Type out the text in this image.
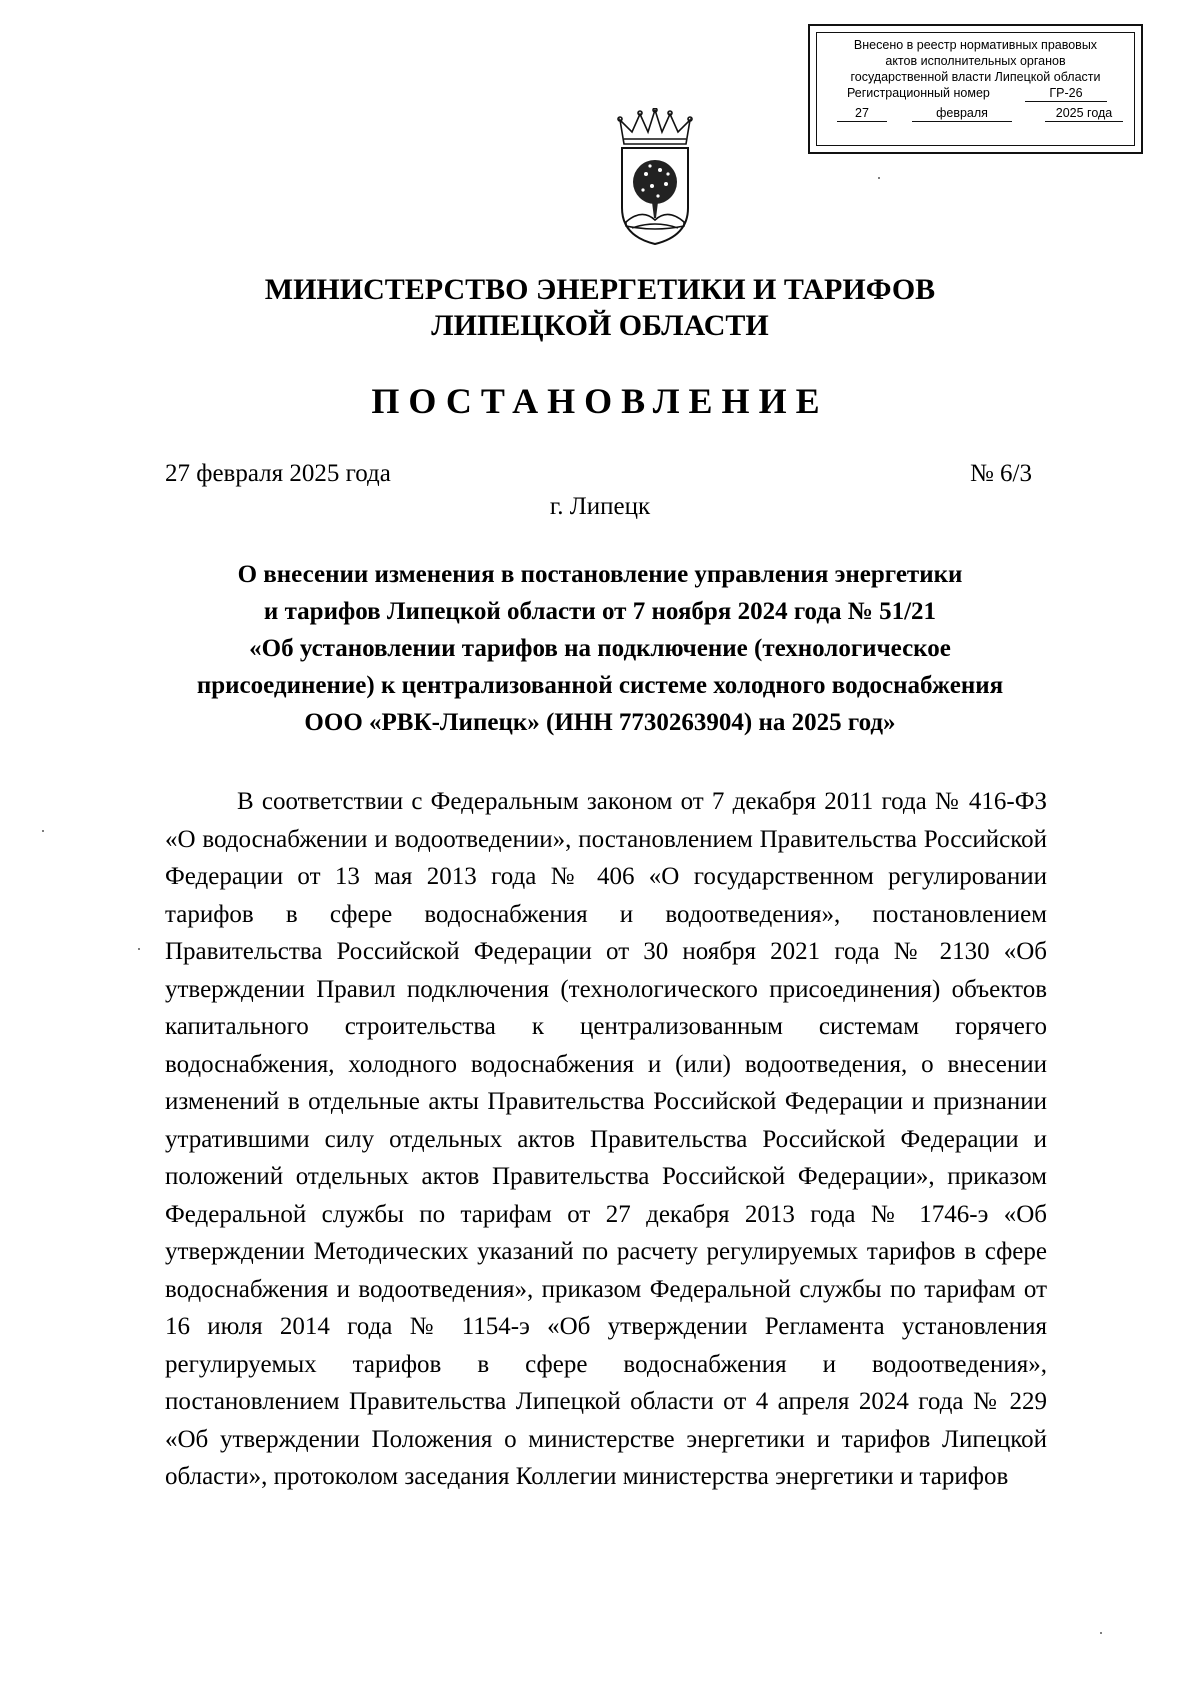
Внесено в реестр нормативных правовых
актов исполнительных органов
государственной власти Липецкой области
Регистрационный номер	ГР-26
27	февраля	2025 года
МИНИСТЕРСТВО ЭНЕРГЕТИКИ И ТАРИФОВ
ЛИПЕЦКОЙ ОБЛАСТИ
ПОСТАНОВЛЕНИЕ
27 февраля 2025 года	№ 6/3
г. Липецк
О внесении изменения в постановление управления энергетики
и тарифов Липецкой области от 7 ноября 2024 года № 51/21
«Об установлении тарифов на подключение (технологическое
присоединение) к централизованной системе холодного водоснабжения
ООО «РВК-Липецк» (ИНН 7730263904) на 2025 год»

В соответствии с Федеральным законом от 7 декабря 2011 года № 416-ФЗ «О водоснабжении и водоотведении», постановлением Правительства Российской Федерации от 13 мая 2013 года № 406 «О государственном регулировании тарифов в сфере водоснабжения и водоотведения», постановлением Правительства Российской Федерации от 30 ноября 2021 года № 2130 «Об утверждении Правил подключения (технологического присоединения) объектов капитального строительства к централизованным системам горячего водоснабжения, холодного водоснабжения и (или) водоотведения, о внесении изменений в отдельные акты Правительства Российской Федерации и признании утратившими силу отдельных актов Правительства Российской Федерации и положений отдельных актов Правительства Российской Федерации», приказом Федеральной службы по тарифам от 27 декабря 2013 года № 1746-э «Об утверждении Методических указаний по расчету регулируемых тарифов в сфере водоснабжения и водоотведения», приказом Федеральной службы по тарифам от 16 июля 2014 года № 1154-э «Об утверждении Регламента установления регулируемых тарифов в сфере водоснабжения и водоотведения», постановлением Правительства Липецкой области от 4 апреля 2024 года № 229 «Об утверждении Положения о министерстве энергетики и тарифов Липецкой области», протоколом заседания Коллегии министерства энергетики и тарифов
